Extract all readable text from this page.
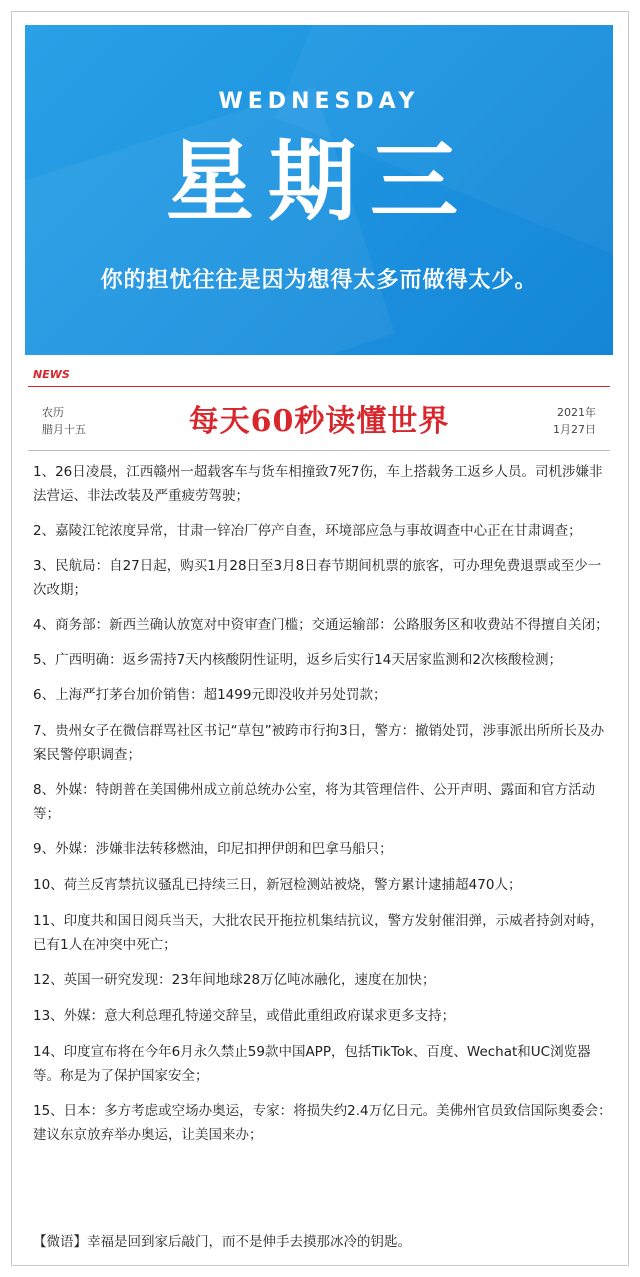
WEDNESDAY
星期三
你的担忧往往是因为想得太多而做得太少。
NEWS
农历
腊月十五	每天60秒读懂世界	2021年
1月27日
1、26日凌晨，江西赣州一超载客车与货车相撞致7死7伤，车上搭载务工返乡人员。司机涉嫌非法营运、非法改装及严重疲劳驾驶；
2、嘉陵江铊浓度异常，甘肃一锌冶厂停产自查，环境部应急与事故调查中心正在甘肃调查；
3、民航局：自27日起，购买1月28日至3月8日春节期间机票的旅客，可办理免费退票或至少一次改期；
4、商务部：新西兰确认放宽对中资审查门槛；交通运输部：公路服务区和收费站不得擅自关闭；
5、广西明确：返乡需持7天内核酸阴性证明，返乡后实行14天居家监测和2次核酸检测；
6、上海严打茅台加价销售：超1499元即没收并另处罚款；
7、贵州女子在微信群骂社区书记“草包”被跨市行拘3日，警方：撤销处罚，涉事派出所所长及办案民警停职调查；
8、外媒：特朗普在美国佛州成立前总统办公室，将为其管理信件、公开声明、露面和官方活动等；
9、外媒：涉嫌非法转移燃油，印尼扣押伊朗和巴拿马船只；
10、荷兰反宵禁抗议骚乱已持续三日，新冠检测站被烧，警方累计逮捕超470人；
11、印度共和国日阅兵当天，大批农民开拖拉机集结抗议，警方发射催泪弹，示威者持剑对峙，已有1人在冲突中死亡；
12、英国一研究发现：23年间地球28万亿吨冰融化，速度在加快；
13、外媒：意大利总理孔特递交辞呈，或借此重组政府谋求更多支持；
14、印度宣布将在今年6月永久禁止59款中国APP，包括TikTok、百度、Wechat和UC浏览器等。称是为了保护国家安全；
15、日本：多方考虑或空场办奥运，专家：将损失约2.4万亿日元。美佛州官员致信国际奥委会：建议东京放弃举办奥运，让美国来办；
【微语】幸福是回到家后敲门，而不是伸手去摸那冰冷的钥匙。
